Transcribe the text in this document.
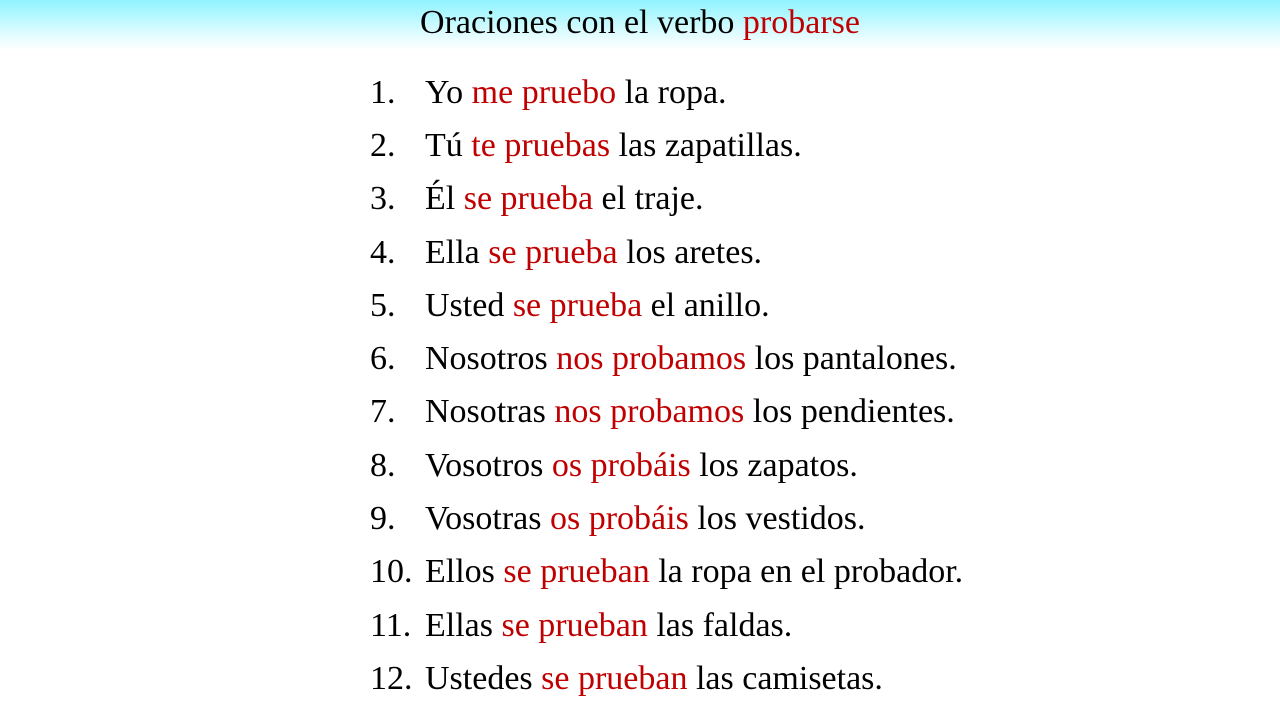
Oraciones con el verbo probarse
1. Yo me pruebo la ropa.
2. Tú te pruebas las zapatillas.
3. Él se prueba el traje.
4. Ella se prueba los aretes.
5. Usted se prueba el anillo.
6. Nosotros nos probamos los pantalones.
7. Nosotras nos probamos los pendientes.
8. Vosotros os probáis los zapatos.
9. Vosotras os probáis los vestidos.
10. Ellos se prueban la ropa en el probador.
11. Ellas se prueban las faldas.
12. Ustedes se prueban las camisetas.
